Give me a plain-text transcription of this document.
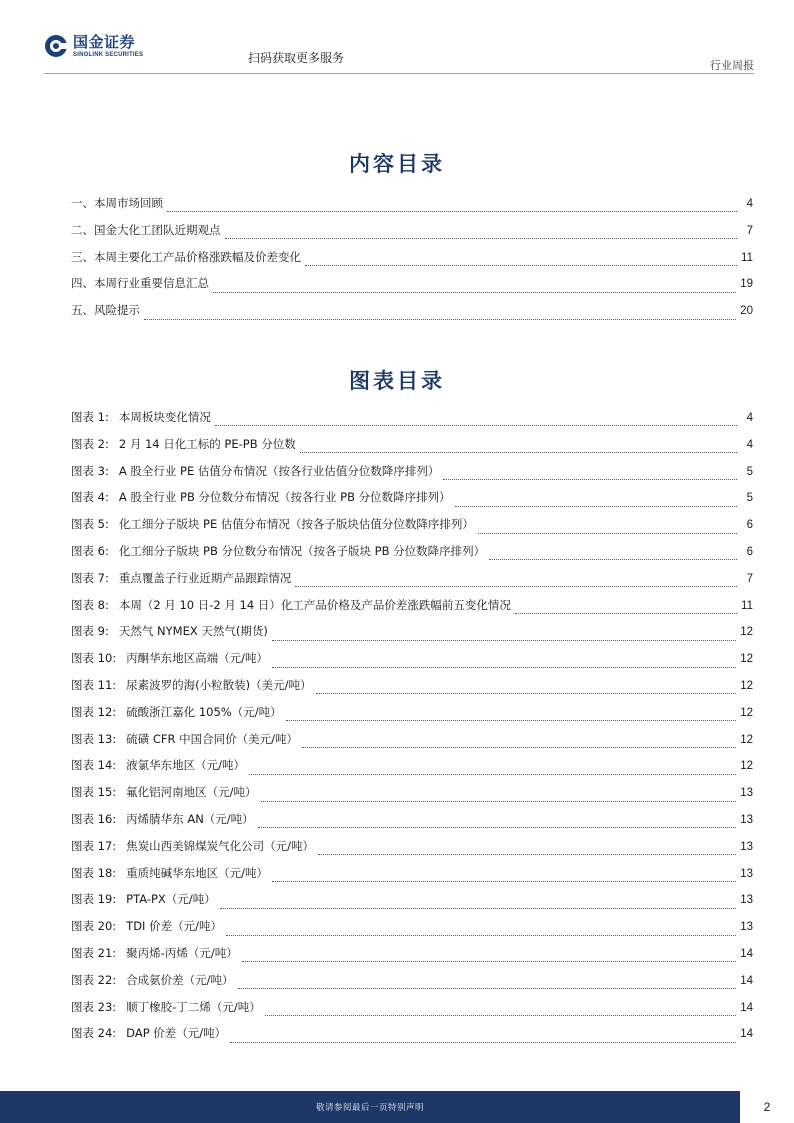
国金证券
SINOLINK SECURITIES	扫码获取更多服务
行业周报
内容目录
一、 本周市场回顾	4
二、 国金大化工团队近期观点	7
三、 本周主要化工产品价格涨跌幅及价差变化	11
四、 本周行业重要信息汇总	19
五、 风险提示	20
图表目录
图表 1: 本周板块变化情况	4
图表 2: 2 月 14 日化工标的 PE-PB 分位数	4
图表 3: A 股全行业 PE 估值分布情况（按各行业估值分位数降序排列）	5
图表 4: A 股全行业 PB 分位数分布情况（按各行业 PB 分位数降序排列）	5
图表 5: 化工细分子版块 PE 估值分布情况（按各子版块估值分位数降序排列）	6
图表 6: 化工细分子版块 PB 分位数分布情况（按各子版块 PB 分位数降序排列）	6
图表 7: 重点覆盖子行业近期产品跟踪情况	7
图表 8: 本周（2 月 10 日-2 月 14 日）化工产品价格及产品价差涨跌幅前五变化情况	11
图表 9: 天然气 NYMEX 天然气(期货)	12
图表 10: 丙酮华东地区高端（元/吨）	12
图表 11: 尿素波罗的海(小粒散装)（美元/吨）	12
图表 12: 硫酸浙江嘉化 105%（元/吨）	12
图表 13: 硫磺 CFR 中国合同价（美元/吨）	12
图表 14: 液氯华东地区（元/吨）	12
图表 15: 氟化铝河南地区（元/吨）	13
图表 16: 丙烯腈华东 AN（元/吨）	13
图表 17: 焦炭山西美锦煤炭气化公司（元/吨）	13
图表 18: 重质纯碱华东地区（元/吨）	13
图表 19: PTA-PX（元/吨）	13
图表 20: TDI 价差（元/吨）	13
图表 21: 聚丙烯-丙烯（元/吨）	14
图表 22: 合成氨价差（元/吨）	14
图表 23: 顺丁橡胶-丁二烯（元/吨）	14
图表 24: DAP 价差（元/吨）	14
敬请参阅最后一页特别声明	2
